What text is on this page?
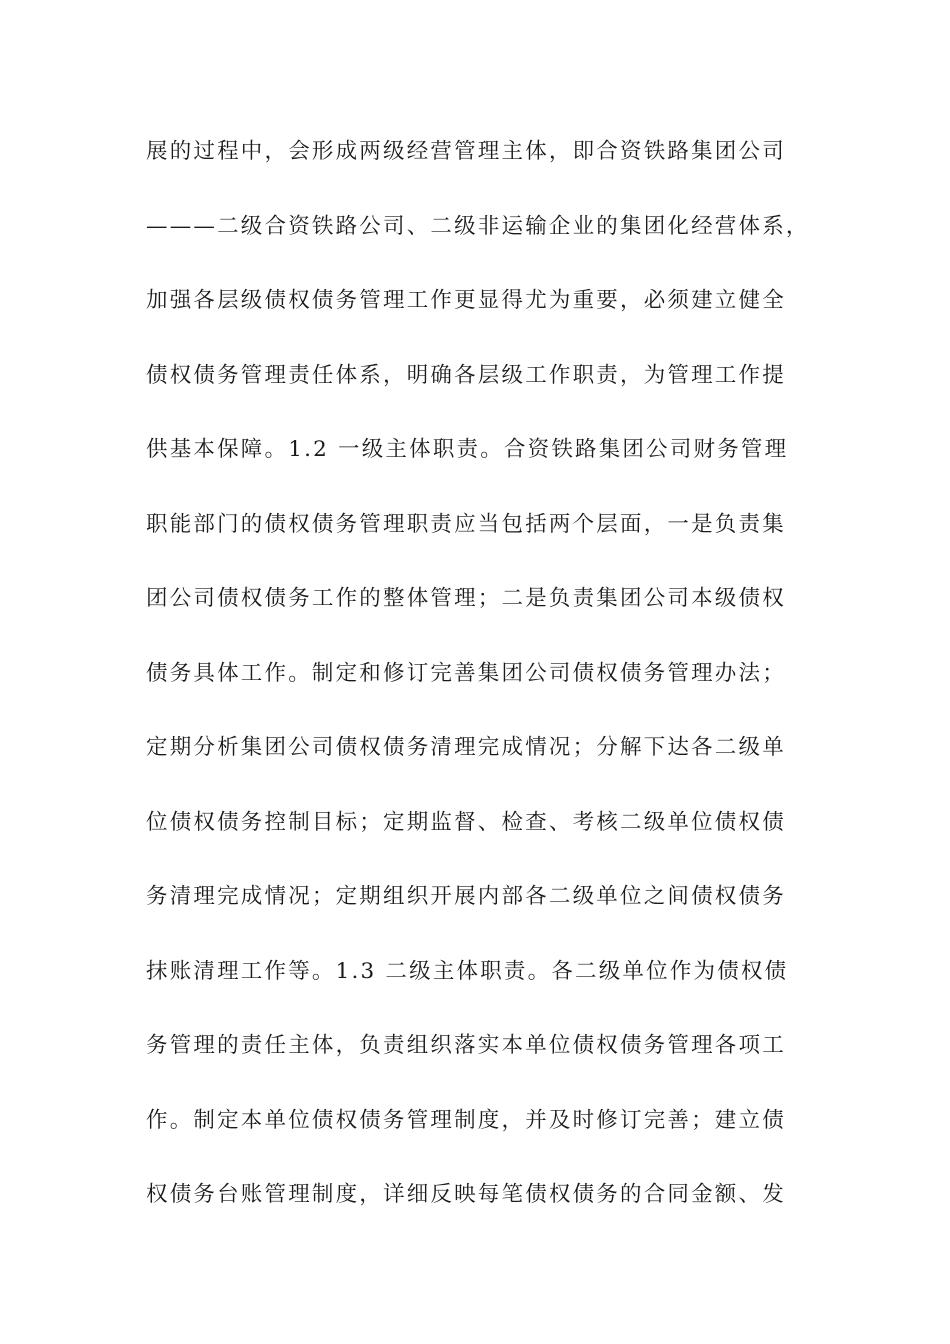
展的过程中，会形成两级经营管理主体，即合资铁路集团公司
———二级合资铁路公司、二级非运输企业的集团化经营体系，
加强各层级债权债务管理工作更显得尤为重要，必须建立健全
债权债务管理责任体系，明确各层级工作职责，为管理工作提
供基本保障。1.2 一级主体职责。合资铁路集团公司财务管理
职能部门的债权债务管理职责应当包括两个层面，一是负责集
团公司债权债务工作的整体管理；二是负责集团公司本级债权
债务具体工作。制定和修订完善集团公司债权债务管理办法；
定期分析集团公司债权债务清理完成情况；分解下达各二级单
位债权债务控制目标；定期监督、检查、考核二级单位债权债
务清理完成情况；定期组织开展内部各二级单位之间债权债务
抹账清理工作等。1.3 二级主体职责。各二级单位作为债权债
务管理的责任主体，负责组织落实本单位债权债务管理各项工
作。制定本单位债权债务管理制度，并及时修订完善；建立债
权债务台账管理制度，详细反映每笔债权债务的合同金额、发
